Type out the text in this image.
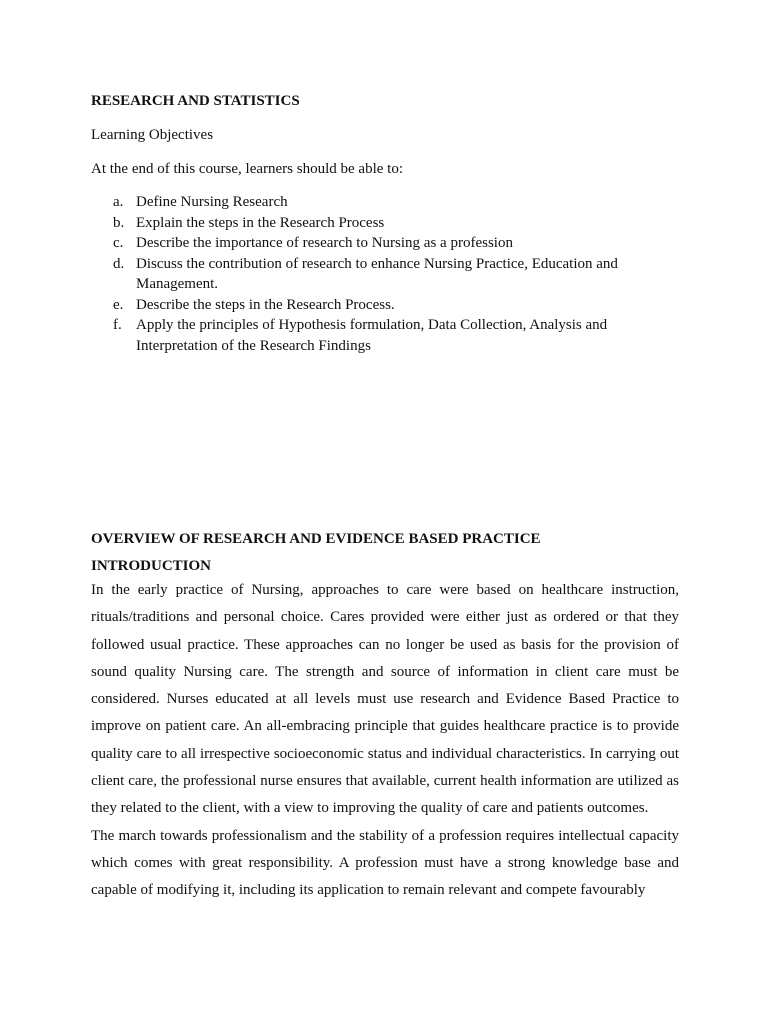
RESEARCH AND STATISTICS

Learning Objectives

At the end of this course, learners should be able to:

a. Define Nursing Research
b. Explain the steps in the Research Process
c. Describe the importance of research to Nursing as a profession
d. Discuss the contribution of research to enhance Nursing Practice, Education and Management.
e. Describe the steps in the Research Process.
f. Apply the principles of Hypothesis formulation, Data Collection, Analysis and Interpretation of the Research Findings

OVERVIEW OF RESEARCH AND EVIDENCE BASED PRACTICE

INTRODUCTION

In the early practice of Nursing, approaches to care were based on healthcare instruction, rituals/traditions and personal choice. Cares provided were either just as ordered or that they followed usual practice. These approaches can no longer be used as basis for the provision of sound quality Nursing care. The strength and source of information in client care must be considered. Nurses educated at all levels must use research and Evidence Based Practice to improve on patient care. An all-embracing principle that guides healthcare practice is to provide quality care to all irrespective socioeconomic status and individual characteristics. In carrying out client care, the professional nurse ensures that available, current health information are utilized as they related to the client, with a view to improving the quality of care and patients outcomes.

The march towards professionalism and the stability of a profession requires intellectual capacity which comes with great responsibility. A profession must have a strong knowledge base and capable of modifying it, including its application to remain relevant and compete favourably
